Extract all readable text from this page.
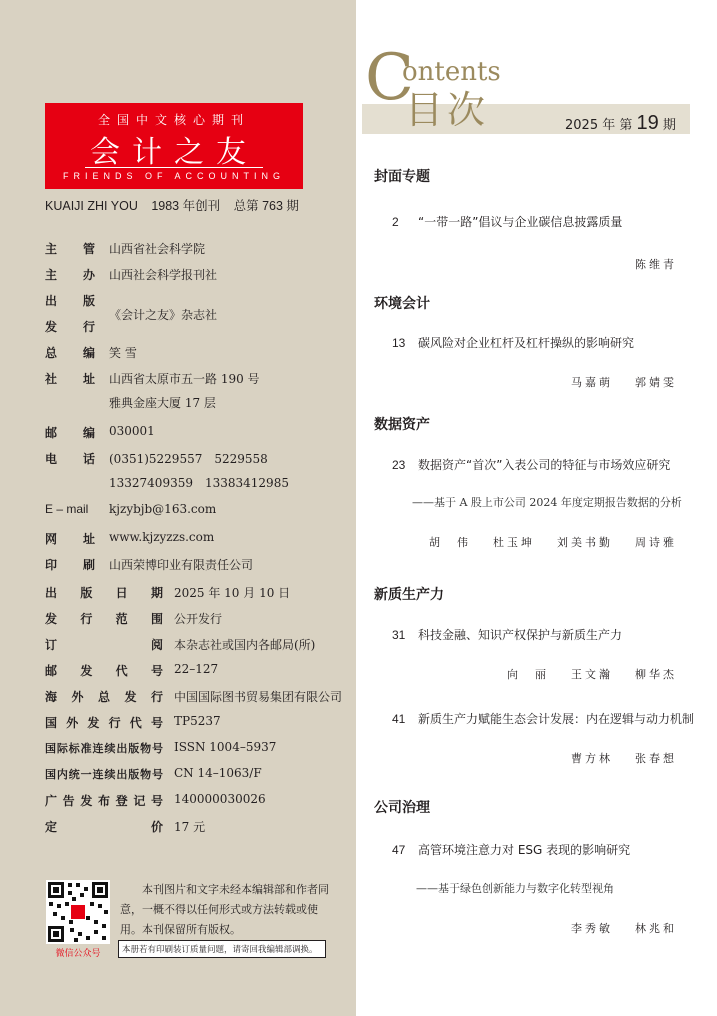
全国中文核心期刊
会计之友
FRIENDS OF ACCOUNTING
KUAIJI ZHI YOU 1983 年创刊 总第 763 期
主管 山西省社会科学院
主办 山西社会科学报刊社
出版
发行
《会计之友》杂志社
总编 笑 雪
社址 山西省太原市五一路 190 号
雅典金座大厦 17 层
邮编 030001
电话 (0351)5229557　5229558
13327409359　13383412985
E – mail kjzybjb@163.com
网址 www.kjzyzzs.com
印刷 山西荣博印业有限责任公司
出版日期 2025 年 10 月 10 日
发行范围 公开发行
订阅 本杂志社或国内各邮局(所)
邮发代号 22–127
海外总发行 中国国际图书贸易集团有限公司
国外发行代号 TP5237
国际标准连续出版物号 ISSN 1004–5937
国内统一连续出版物号 CN 14–1063/F
广告发布登记号 140000030026
定价 17 元
微信公众号
本刊图片和文字未经本编辑部和作者同意，一概不得以任何形式或方法转载或使用。本刊保留所有版权。
本册若有印刷装订质量问题，请寄回我编辑部调换。
C
ontents
目次	2025 年 第 19 期
封面专题
2 “一带一路”倡议与企业碳信息披露质量
陈维青
环境会计
13 碳风险对企业杠杆及杠杆操纵的影响研究
马嘉萌 郭婧雯
数据资产
23 数据资产“首次”入表公司的特征与市场效应研究
——基于 A 股上市公司 2024 年度定期报告数据的分析
胡　伟 杜玉坤 刘美书勤 周诗雅
新质生产力
31 科技金融、知识产权保护与新质生产力
向　丽 王文瀚 柳华杰
41 新质生产力赋能生态会计发展：内在逻辑与动力机制
曹方林 张春想
公司治理
47 高管环境注意力对 ESG 表现的影响研究
——基于绿色创新能力与数字化转型视角
李秀敏 林兆和
